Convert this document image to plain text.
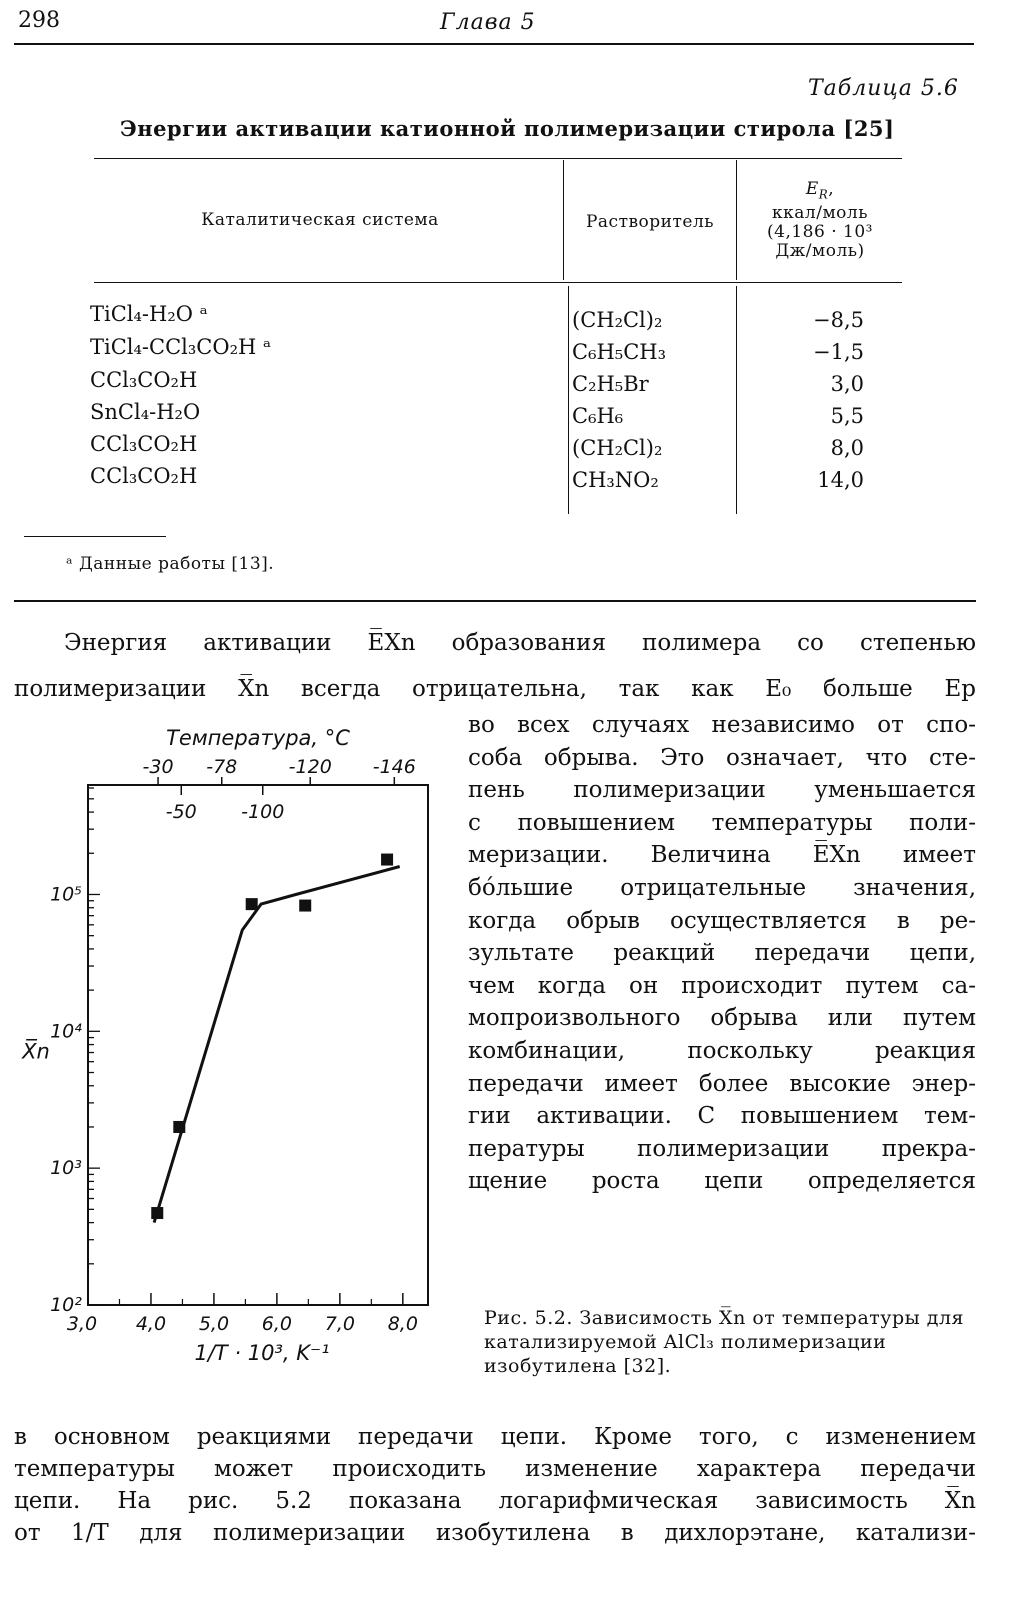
298	Глава 5
Таблица 5.6
Энергии активации катионной полимеризации стирола [25]
Каталитическая система	Растворитель
$E_R$,
ккал/моль
(4,186 · 10³
Дж/моль)
TiCl₄-H₂O ᵃ	(CH₂Cl)₂	−8,5
TiCl₄-CCl₃CO₂H ᵃ	C₆H₅CH₃	−1,5
CCl₃CO₂H	C₂H₅Br	3,0
SnCl₄-H₂O	C₆H₆	5,5
CCl₃CO₂H	(CH₂Cl)₂	8,0
CCl₃CO₂H	CH₃NO₂	14,0
ᵃ Данные работы [13].
Энергия активации E̅Xn образования полимера со степенью
полимеризации X̅n всегда отрицательна, так как E₀ больше Eр
во всех случаях независимо от спо-
соба обрыва. Это означает, что сте-
пень полимеризации уменьшается
с повышением температуры поли-
меризации. Величина E̅Xn имеет
бо́льшие отрицательные значения,
когда обрыв осуществляется в ре-
зультате реакций передачи цепи,
чем когда он происходит путем са-
мопроизвольного обрыва или путем
комбинации, поскольку реакция
передачи имеет более высокие энер-
гии активации. С повышением тем-
пературы полимеризации прекра-
щение роста цепи определяется
10²
10³
10⁴
10⁵
3,0 4,0 5,0 6,0 7,0 8,0
-30 -78	-120 -146
-50 -100
Температура, °С
X̅n
1/T · 10³, K⁻¹
Рис. 5.2. Зависимость X̅n от температуры для катализируемой AlCl₃ полимеризации изобутилена [32].
в основном реакциями передачи цепи. Кроме того, с изменением
температуры может происходить изменение характера передачи
цепи. На рис. 5.2 показана логарифмическая зависимость X̅n
от 1/T для полимеризации изобутилена в дихлорэтане, катализи-
